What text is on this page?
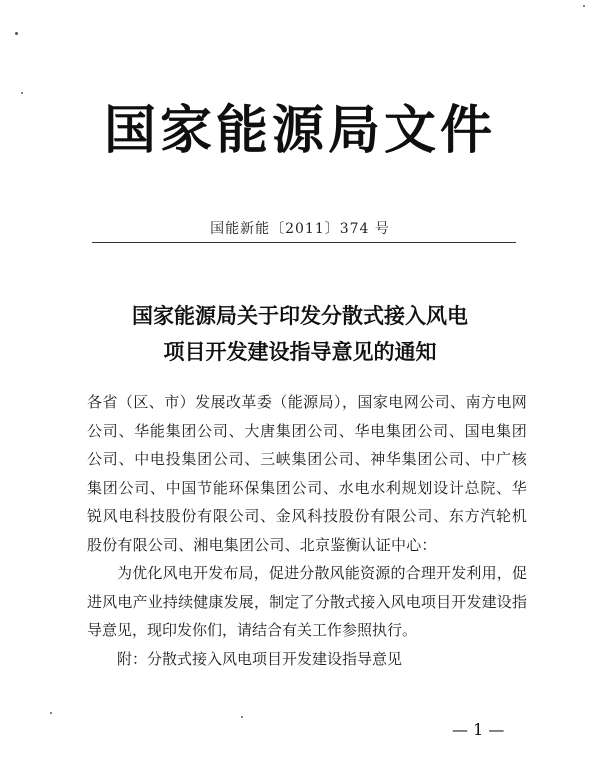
国家能源局文件
国能新能〔2011〕374 号
国家能源局关于印发分散式接入风电
项目开发建设指导意见的通知

各省（区、市）发展改革委（能源局），国家电网公司、南方电网公司、华能集团公司、大唐集团公司、华电集团公司、国电集团公司、中电投集团公司、三峡集团公司、神华集团公司、中广核集团公司、中国节能环保集团公司、水电水利规划设计总院、华锐风电科技股份有限公司、金风科技股份有限公司、东方汽轮机股份有限公司、湘电集团公司、北京鉴衡认证中心：

为优化风电开发布局，促进分散风能资源的合理开发利用，促进风电产业持续健康发展，制定了分散式接入风电项目开发建设指导意见，现印发你们，请结合有关工作参照执行。

附：分散式接入风电项目开发建设指导意见

— 1 —
